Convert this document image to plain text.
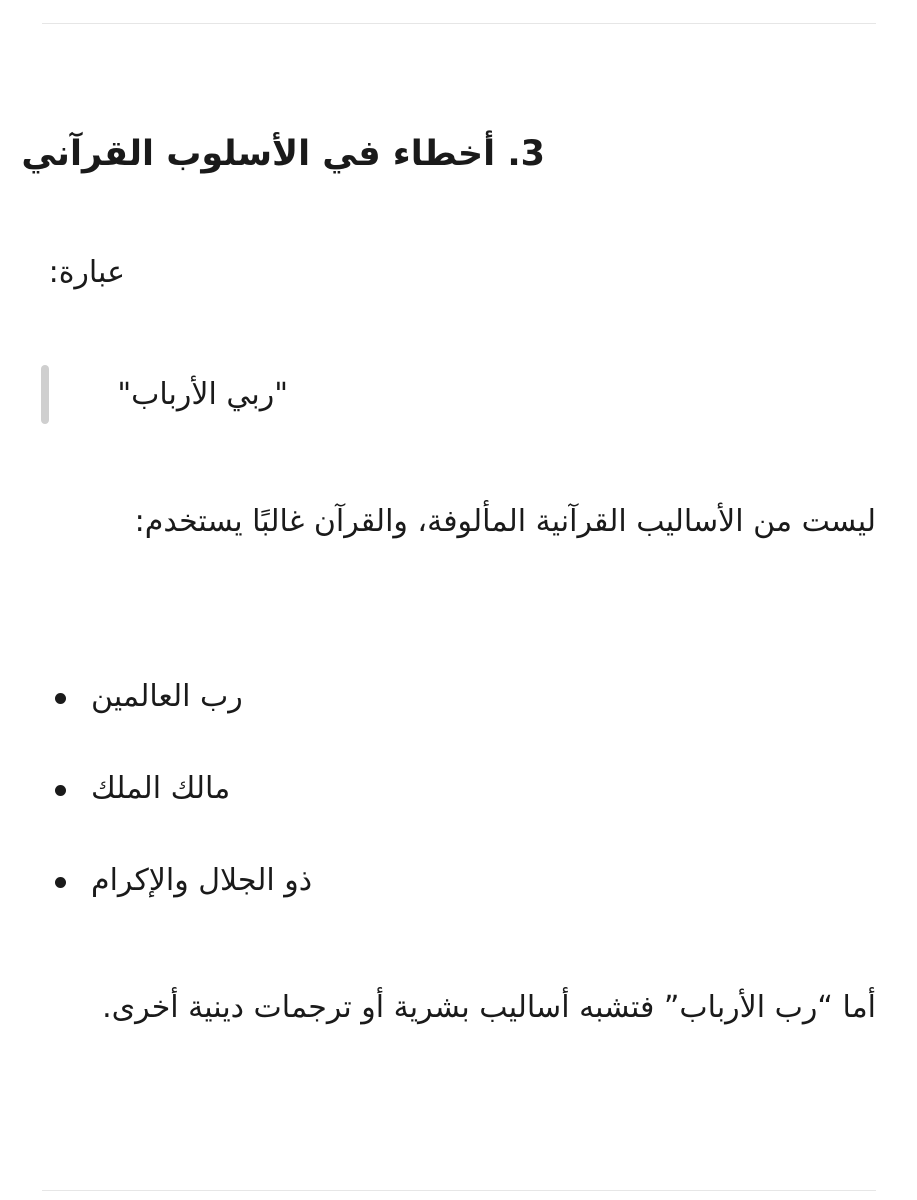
3. أخطاء في الأسلوب القرآني
عبارة:
"ربي الأرباب"

ليست من الأساليب القرآنية المألوفة، والقرآن غالبًا يستخدم:

رب العالمين
مالك الملك
ذو الجلال والإكرام

أما “رب الأرباب” فتشبه أساليب بشرية أو ترجمات دينية أخرى.
